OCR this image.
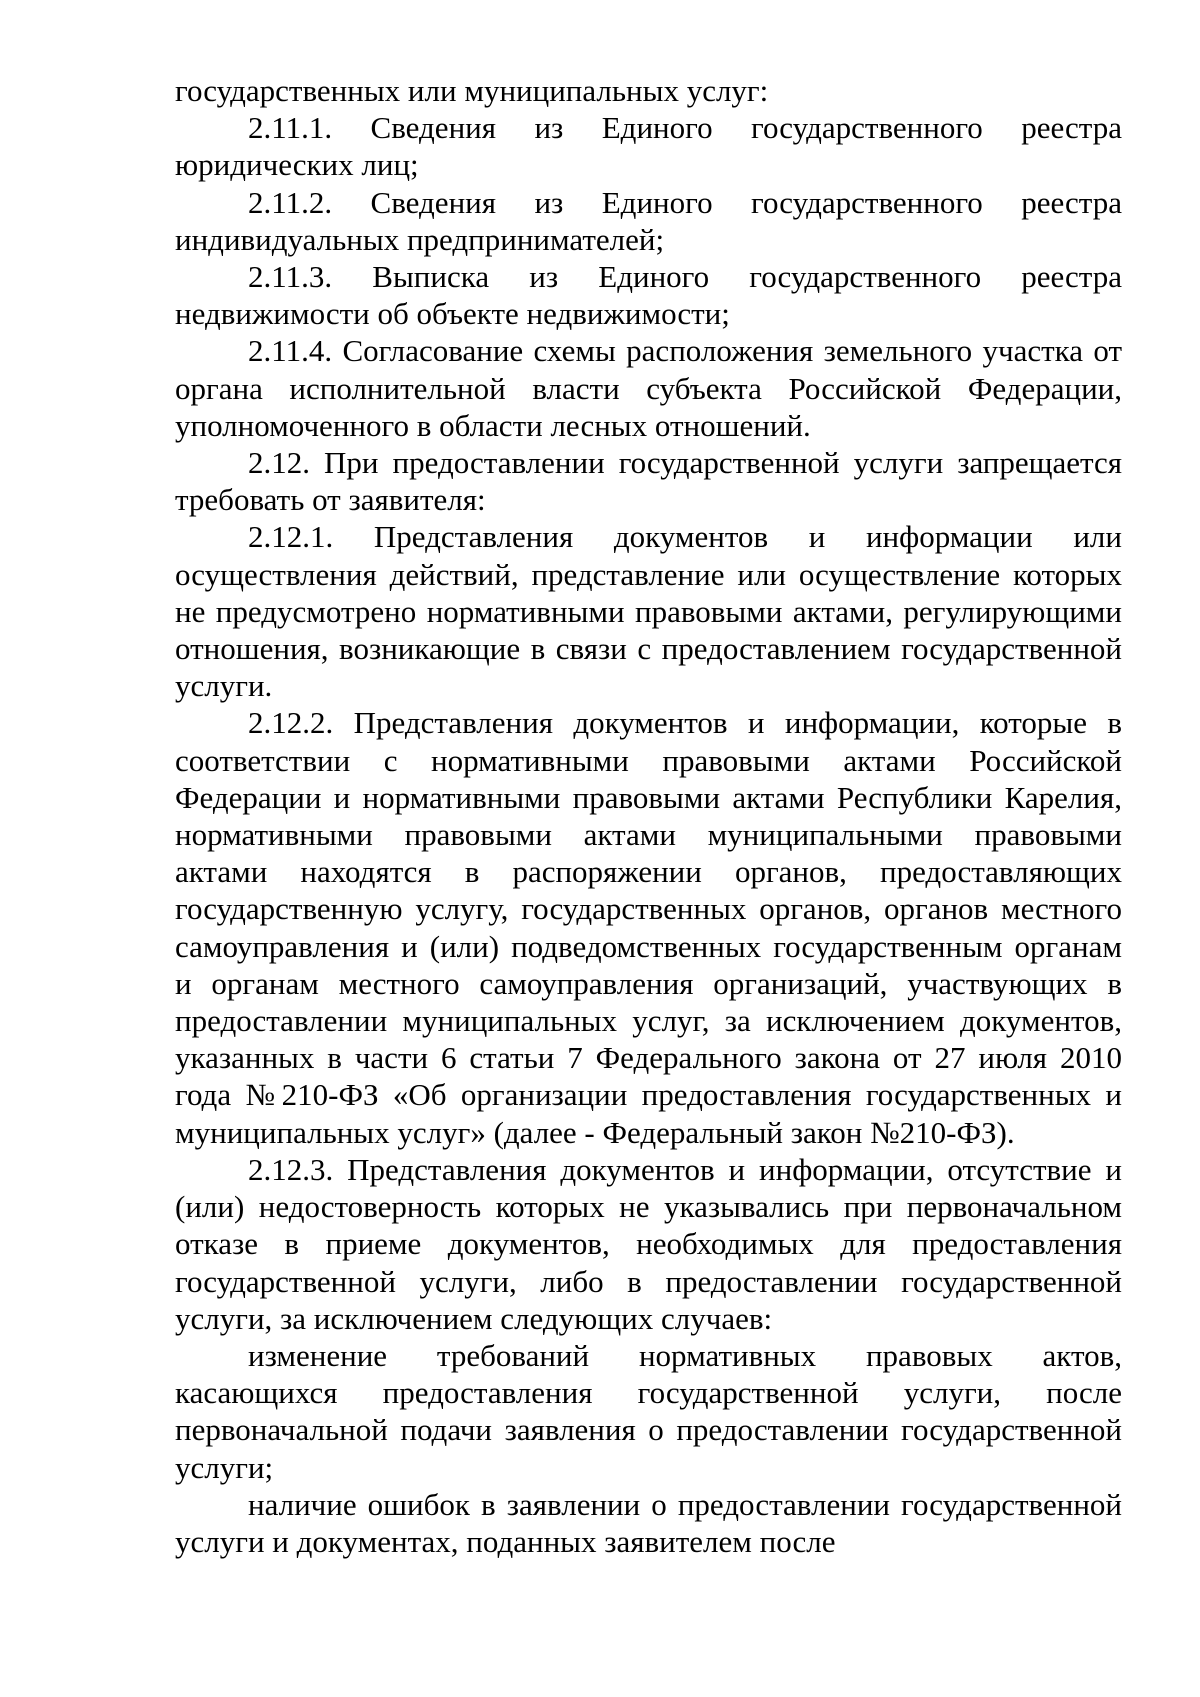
государственных или муниципальных услуг:

2.11.1. Сведения из Единого государственного реестра юридических лиц;

2.11.2. Сведения из Единого государственного реестра индивидуальных предпринимателей;

2.11.3. Выписка из Единого государственного реестра недвижимости об объекте недвижимости;

2.11.4. Согласование схемы расположения земельного участка от органа исполнительной власти субъекта Российской Федерации, уполномоченного в области лесных отношений.

2.12. При предоставлении государственной услуги запрещается требовать от заявителя:

2.12.1. Представления документов и информации или осуществления действий, представление или осуществление которых не предусмотрено нормативными правовыми актами, регулирующими отношения, возникающие в связи с предоставлением государственной услуги.

2.12.2. Представления документов и информации, которые в соответствии с нормативными правовыми актами Российской Федерации и нормативными правовыми актами Республики Карелия, нормативными правовыми актами муниципальными правовыми актами находятся в распоряжении органов, предоставляющих государственную услугу, государственных органов, органов местного самоуправления и (или) подведомственных государственным органам и органам местного самоуправления организаций, участвующих в предоставлении муниципальных услуг, за исключением документов, указанных в части 6 статьи 7 Федерального закона от 27 июля 2010 года №210-ФЗ «Об организации предоставления государственных и муниципальных услуг» (далее - Федеральный закон №210-ФЗ).

2.12.3. Представления документов и информации, отсутствие и (или) недостоверность которых не указывались при первоначальном отказе в приеме документов, необходимых для предоставления государственной услуги, либо в предоставлении государственной услуги, за исключением следующих случаев:

изменение требований нормативных правовых актов, касающихся предоставления государственной услуги, после первоначальной подачи заявления о предоставлении государственной услуги;

наличие ошибок в заявлении о предоставлении государственной услуги и документах, поданных заявителем после
